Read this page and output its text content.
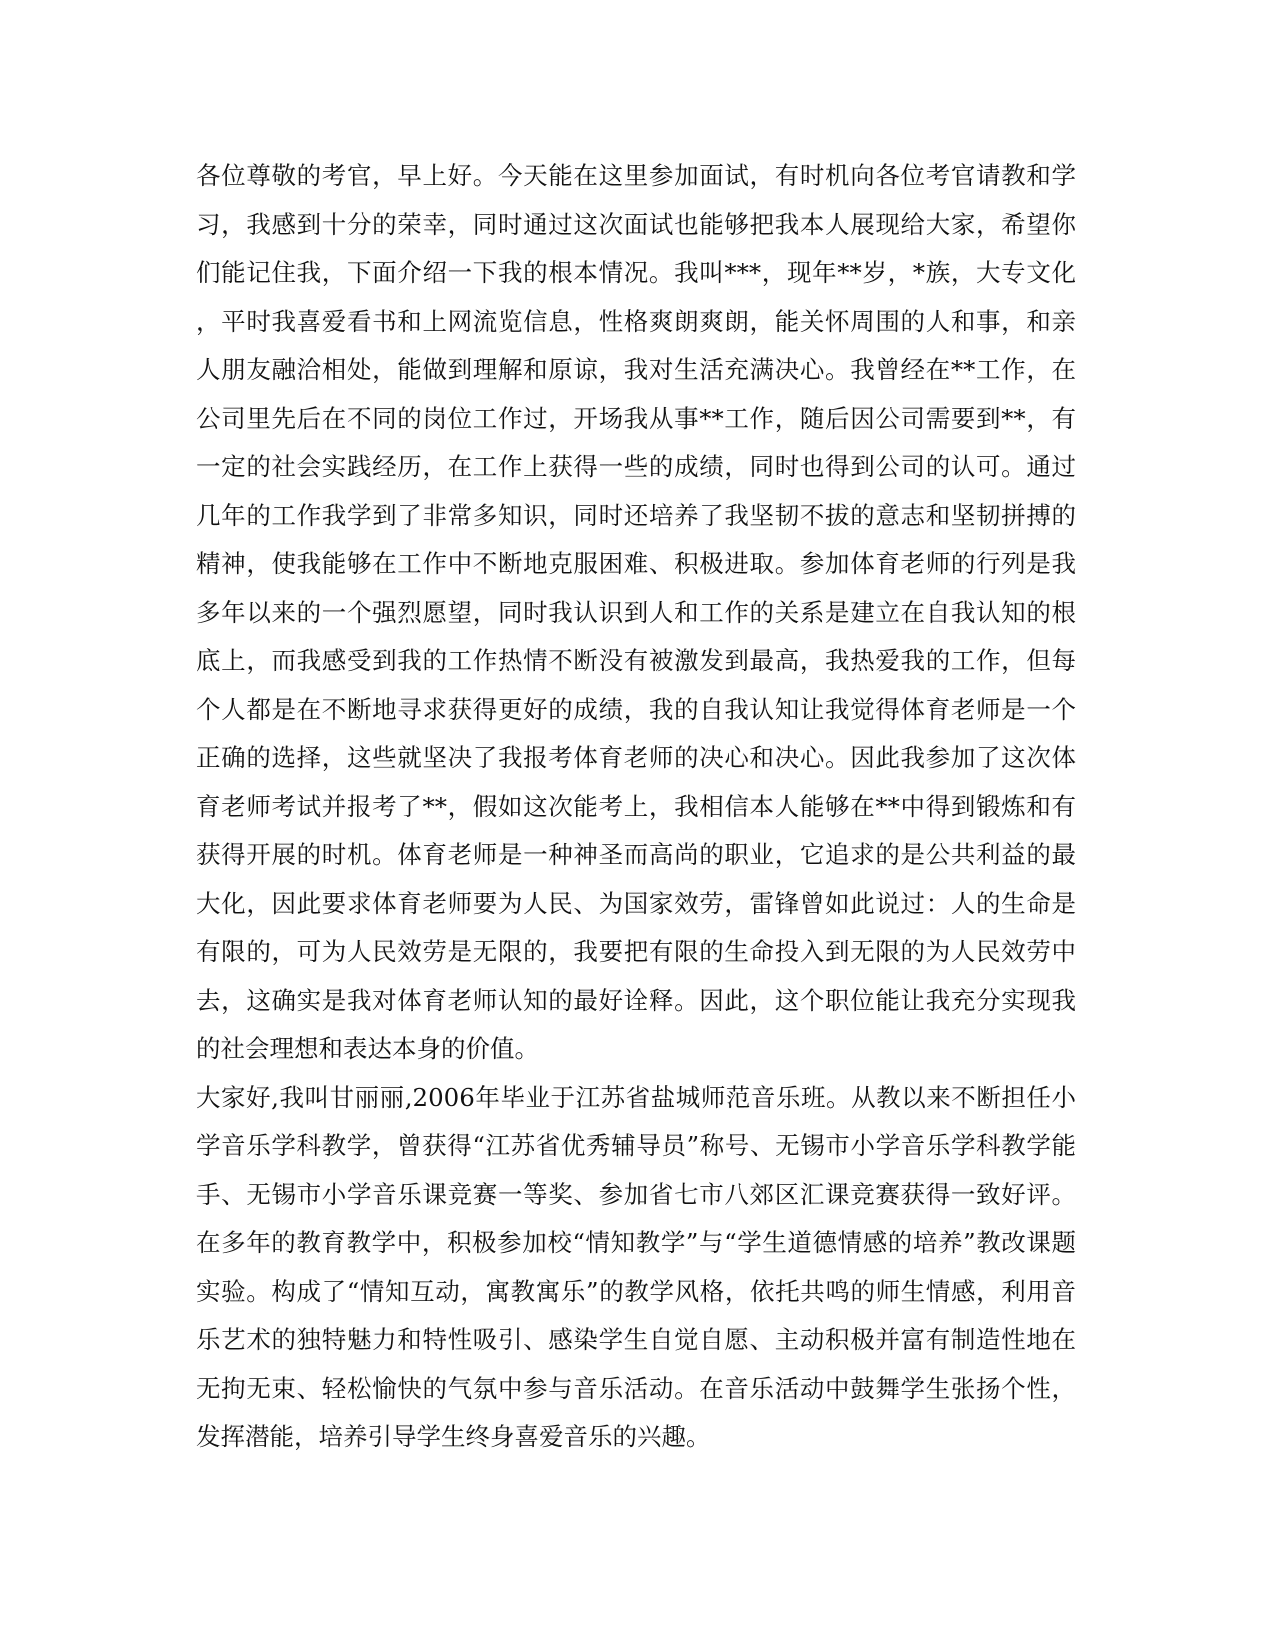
各位尊敬的考官，早上好。今天能在这里参加面试，有时机向各位考官请教和学
习，我感到十分的荣幸，同时通过这次面试也能够把我本人展现给大家，希望你
们能记住我，下面介绍一下我的根本情况。我叫***，现年**岁，*族，大专文化
，平时我喜爱看书和上网流览信息，性格爽朗爽朗，能关怀周围的人和事，和亲
人朋友融洽相处，能做到理解和原谅，我对生活充满决心。我曾经在**工作，在
公司里先后在不同的岗位工作过，开场我从事**工作，随后因公司需要到**，有
一定的社会实践经历，在工作上获得一些的成绩，同时也得到公司的认可。通过
几年的工作我学到了非常多知识，同时还培养了我坚韧不拔的意志和坚韧拼搏的
精神，使我能够在工作中不断地克服困难、积极进取。参加体育老师的行列是我
多年以来的一个强烈愿望，同时我认识到人和工作的关系是建立在自我认知的根
底上，而我感受到我的工作热情不断没有被激发到最高，我热爱我的工作，但每
个人都是在不断地寻求获得更好的成绩，我的自我认知让我觉得体育老师是一个
正确的选择，这些就坚决了我报考体育老师的决心和决心。因此我参加了这次体
育老师考试并报考了**，假如这次能考上，我相信本人能够在**中得到锻炼和有
获得开展的时机。体育老师是一种神圣而高尚的职业，它追求的是公共利益的最
大化，因此要求体育老师要为人民、为国家效劳，雷锋曾如此说过：人的生命是
有限的，可为人民效劳是无限的，我要把有限的生命投入到无限的为人民效劳中
去，这确实是我对体育老师认知的最好诠释。因此，这个职位能让我充分实现我
的社会理想和表达本身的价值。
大家好,我叫甘丽丽,2006年毕业于江苏省盐城师范音乐班。从教以来不断担任小
学音乐学科教学，曾获得“江苏省优秀辅导员”称号、无锡市小学音乐学科教学能
手、无锡市小学音乐课竞赛一等奖、参加省七市八郊区汇课竞赛获得一致好评。
在多年的教育教学中，积极参加校“情知教学”与“学生道德情感的培养”教改课题
实验。构成了“情知互动，寓教寓乐”的教学风格，依托共鸣的师生情感，利用音
乐艺术的独特魅力和特性吸引、感染学生自觉自愿、主动积极并富有制造性地在
无拘无束、轻松愉快的气氛中参与音乐活动。在音乐活动中鼓舞学生张扬个性，
发挥潜能，培养引导学生终身喜爱音乐的兴趣。
